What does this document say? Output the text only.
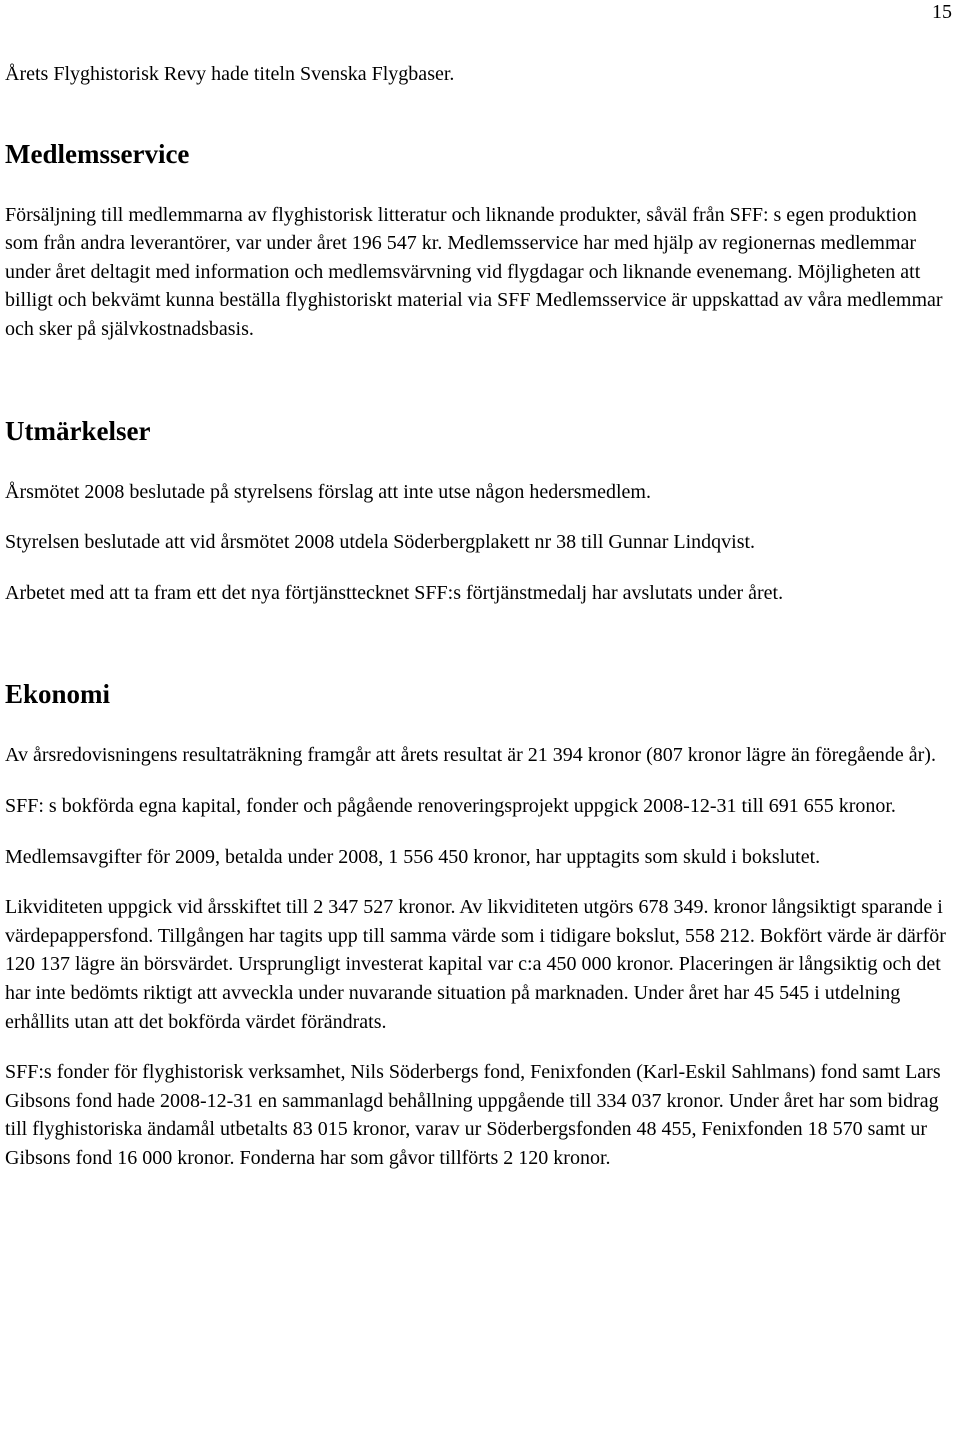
15

Årets Flyghistorisk Revy hade titeln Svenska Flygbaser.

Medlemsservice

Försäljning till medlemmarna av flyghistorisk litteratur och liknande produkter, såväl från SFF: s egen produktion som från andra leverantörer, var under året 196 547 kr. Medlemsservice har med hjälp av regionernas medlemmar under året deltagit med information och medlemsvärvning vid flygdagar och liknande evenemang. Möjligheten att billigt och bekvämt kunna beställa flyghistoriskt material via SFF Medlemsservice är uppskattad av våra medlemmar och sker på självkostnadsbasis.

Utmärkelser

Årsmötet 2008 beslutade på styrelsens förslag att inte utse någon hedersmedlem.

Styrelsen beslutade att vid årsmötet 2008 utdela Söderbergplakett nr 38 till Gunnar Lindqvist.

Arbetet med att ta fram ett det nya förtjänsttecknet SFF:s förtjänstmedalj har avslutats under året.

Ekonomi

Av årsredovisningens resultaträkning framgår att årets resultat är 21 394 kronor (807 kronor lägre än föregående år).

SFF: s bokförda egna kapital, fonder och pågående renoveringsprojekt uppgick 2008-12-31 till 691 655 kronor.

Medlemsavgifter för 2009, betalda under 2008, 1 556 450 kronor, har upptagits som skuld i bokslutet.

Likviditeten uppgick vid årsskiftet till 2 347 527 kronor. Av likviditeten utgörs 678 349. kronor långsiktigt sparande i värdepappersfond. Tillgången har tagits upp till samma värde som i tidigare bokslut, 558 212. Bokfört värde är därför 120 137 lägre än börsvärdet. Ursprungligt investerat kapital var c:a 450 000 kronor. Placeringen är långsiktig och det har inte bedömts riktigt att avveckla under nuvarande situation på marknaden. Under året har 45 545 i utdelning erhållits utan att det bokförda värdet förändrats.

SFF:s fonder för flyghistorisk verksamhet, Nils Söderbergs fond, Fenixfonden (Karl-Eskil Sahlmans) fond samt Lars Gibsons fond hade 2008-12-31 en sammanlagd behållning uppgående till 334 037 kronor. Under året har som bidrag till flyghistoriska ändamål utbetalts 83 015 kronor, varav ur Söderbergsfonden 48 455, Fenixfonden 18 570 samt ur Gibsons fond 16 000 kronor. Fonderna har som gåvor tillförts 2 120 kronor.
